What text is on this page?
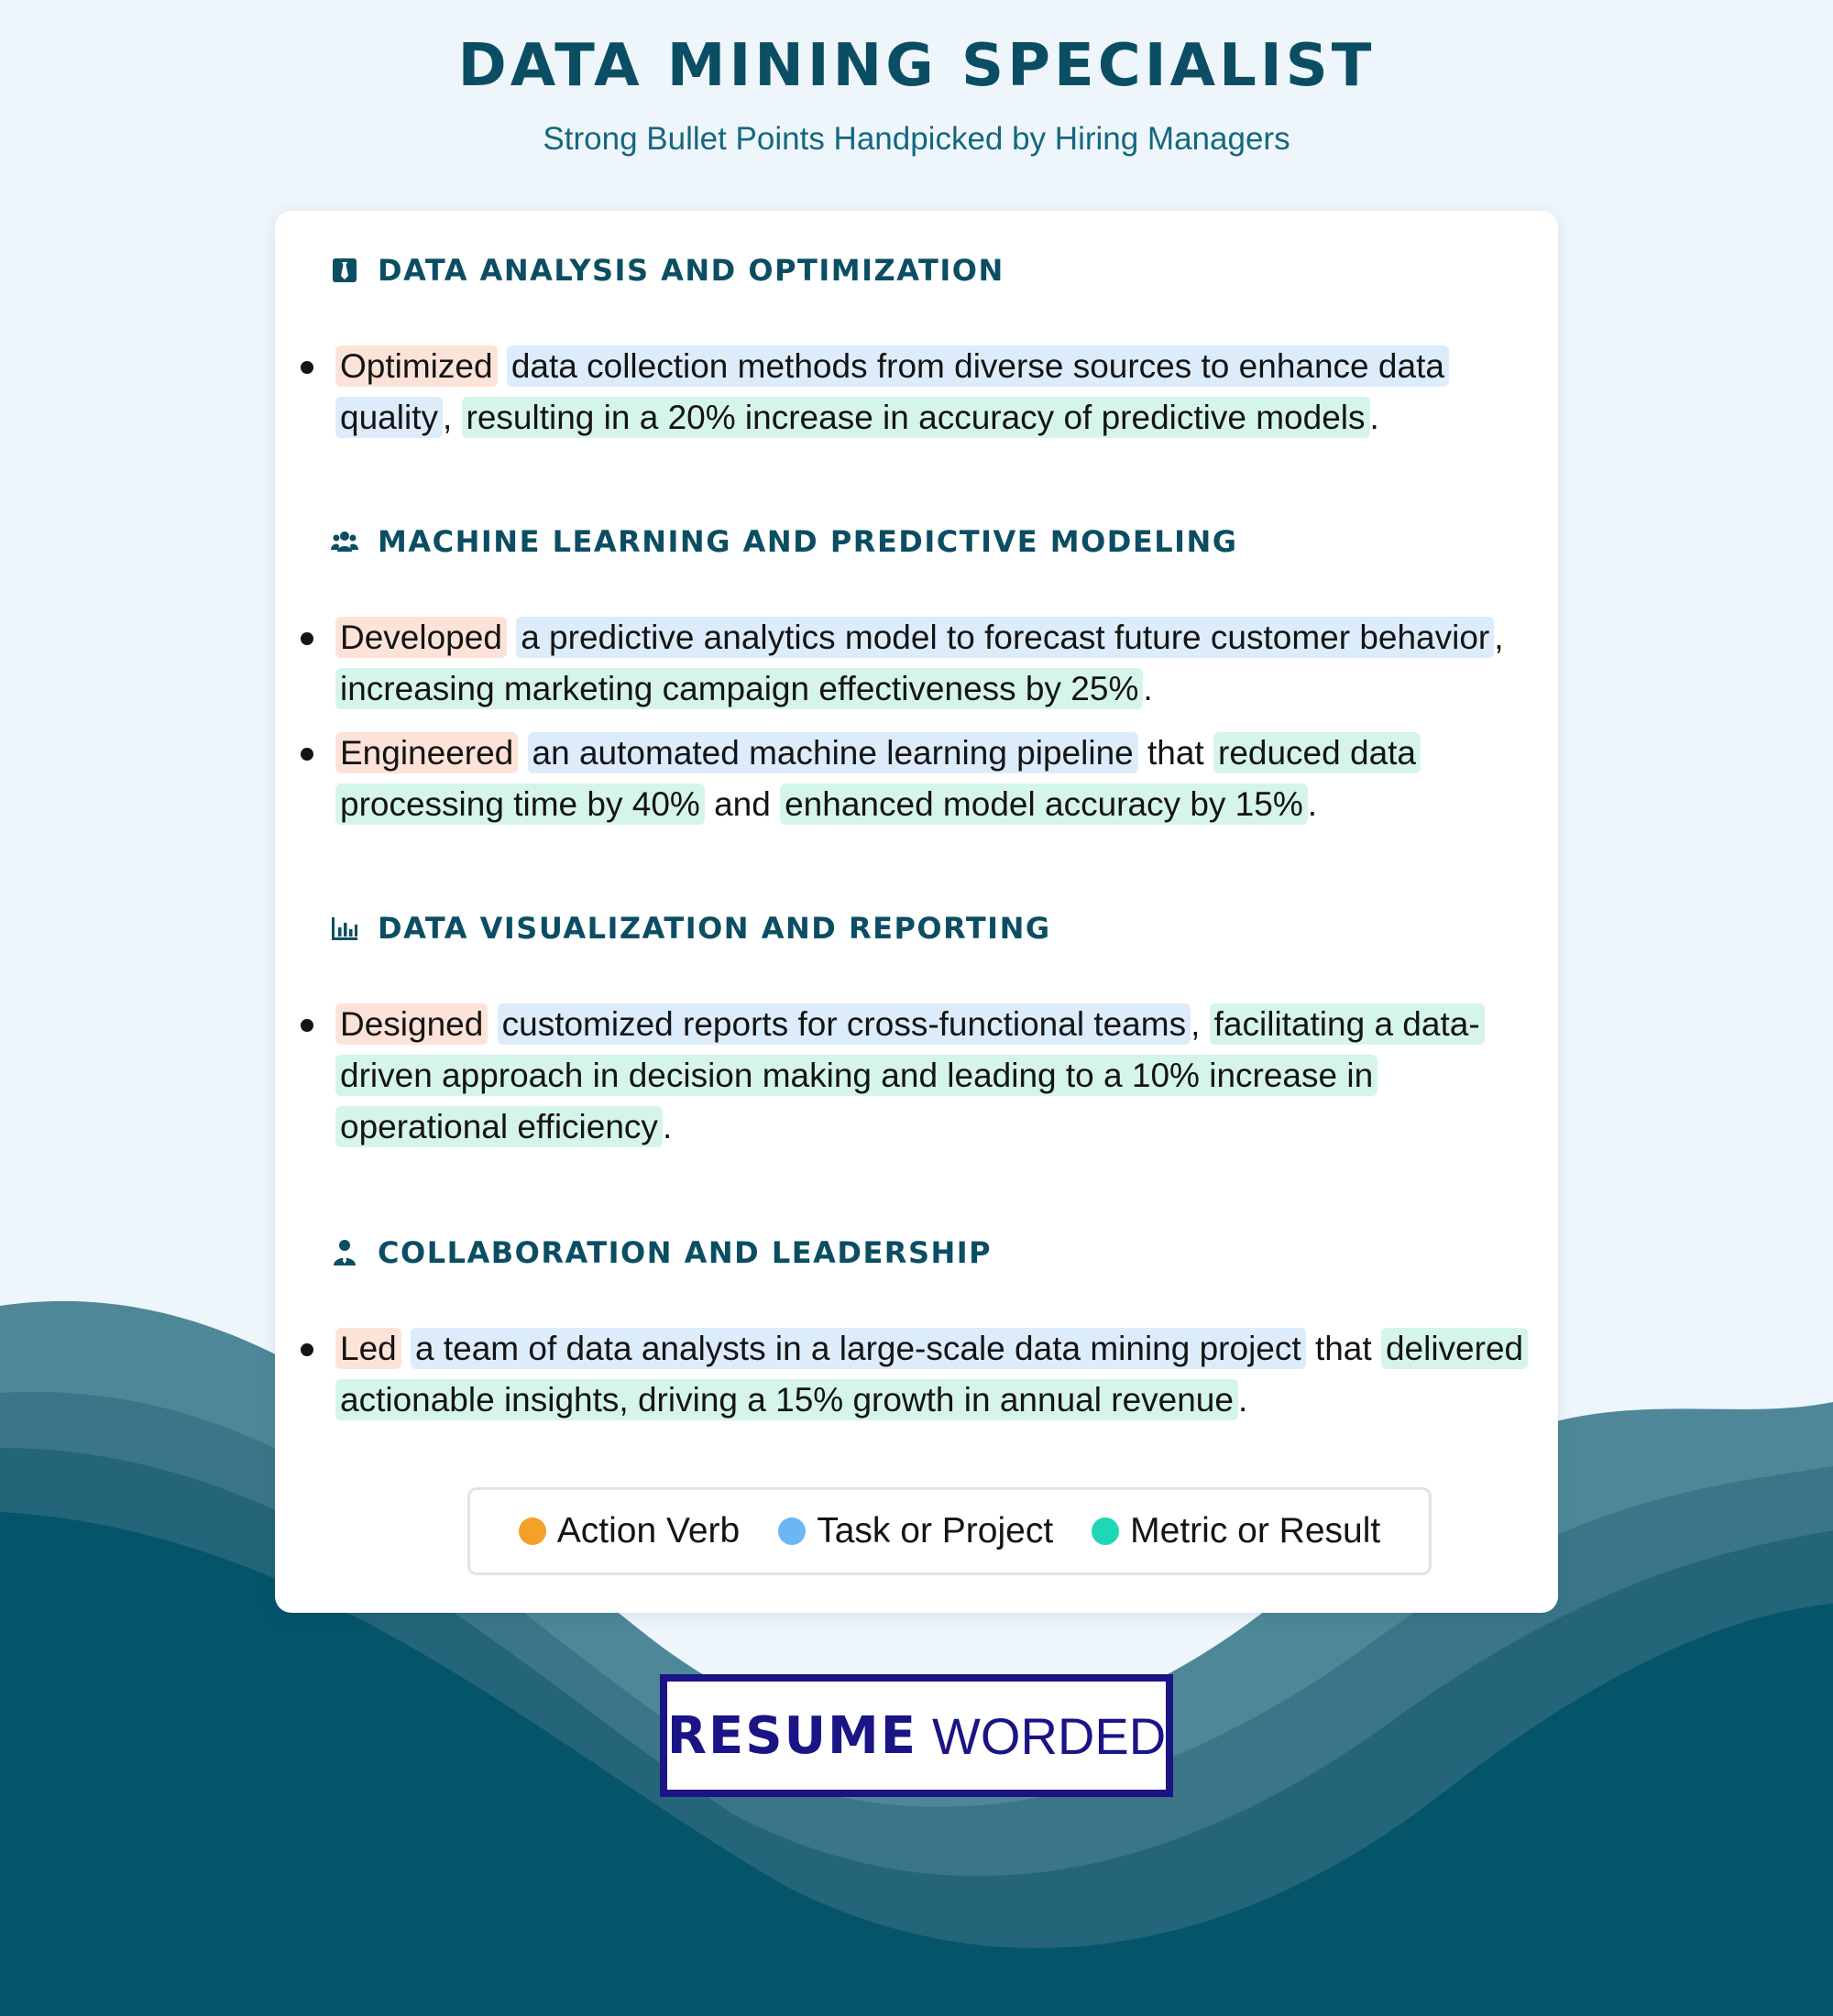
DATA MINING SPECIALIST
Strong Bullet Points Handpicked by Hiring Managers
DATA ANALYSIS AND OPTIMIZATION
Optimized data collection methods from diverse sources to enhance data quality , resulting in a 20% increase in accuracy of predictive models .
MACHINE LEARNING AND PREDICTIVE MODELING
Developed a predictive analytics model to forecast future customer behavior , increasing marketing campaign effectiveness by 25% .
Engineered an automated machine learning pipeline that reduced data processing time by 40% and enhanced model accuracy by 15% .
DATA VISUALIZATION AND REPORTING
Designed customized reports for cross-functional teams , facilitating a data-driven approach in decision making and leading to a 10% increase in operational efficiency .
COLLABORATION AND LEADERSHIP
Led a team of data analysts in a large-scale data mining project that delivered actionable insights, driving a 15% growth in annual revenue .
Action Verb Task or Project Metric or Result
RESUME WORDED
